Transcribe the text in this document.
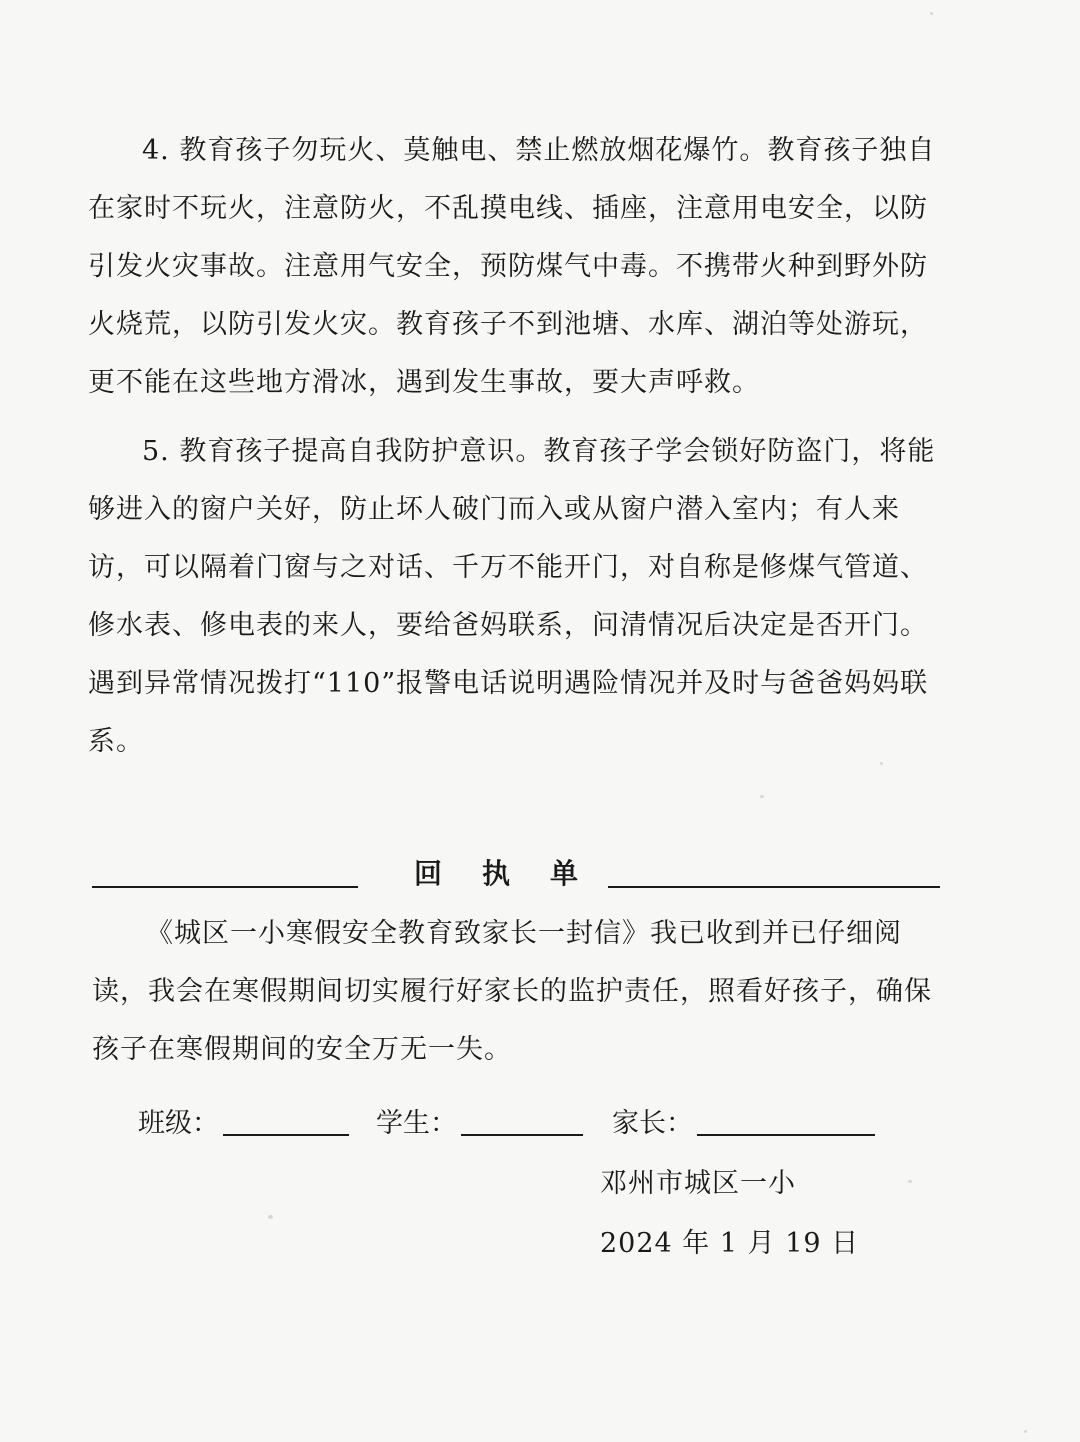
4. 教育孩子勿玩火、莫触电、禁止燃放烟花爆竹。教育孩子独自在家时不玩火，注意防火，不乱摸电线、插座，注意用电安全，以防引发火灾事故。注意用气安全，预防煤气中毒。不携带火种到野外防火烧荒，以防引发火灾。教育孩子不到池塘、水库、湖泊等处游玩，更不能在这些地方滑冰，遇到发生事故，要大声呼救。

5. 教育孩子提高自我防护意识。教育孩子学会锁好防盗门，将能够进入的窗户关好，防止坏人破门而入或从窗户潜入室内；有人来访，可以隔着门窗与之对话、千万不能开门，对自称是修煤气管道、修水表、修电表的来人，要给爸妈联系，问清情况后决定是否开门。遇到异常情况拨打“110”报警电话说明遇险情况并及时与爸爸妈妈联系。

回执单

《城区一小寒假安全教育致家长一封信》我已收到并已仔细阅读，我会在寒假期间切实履行好家长的监护责任，照看好孩子，确保孩子在寒假期间的安全万无一失。

班级：	学生：	家长：
邓州市城区一小
2024 年 1 月 19 日
